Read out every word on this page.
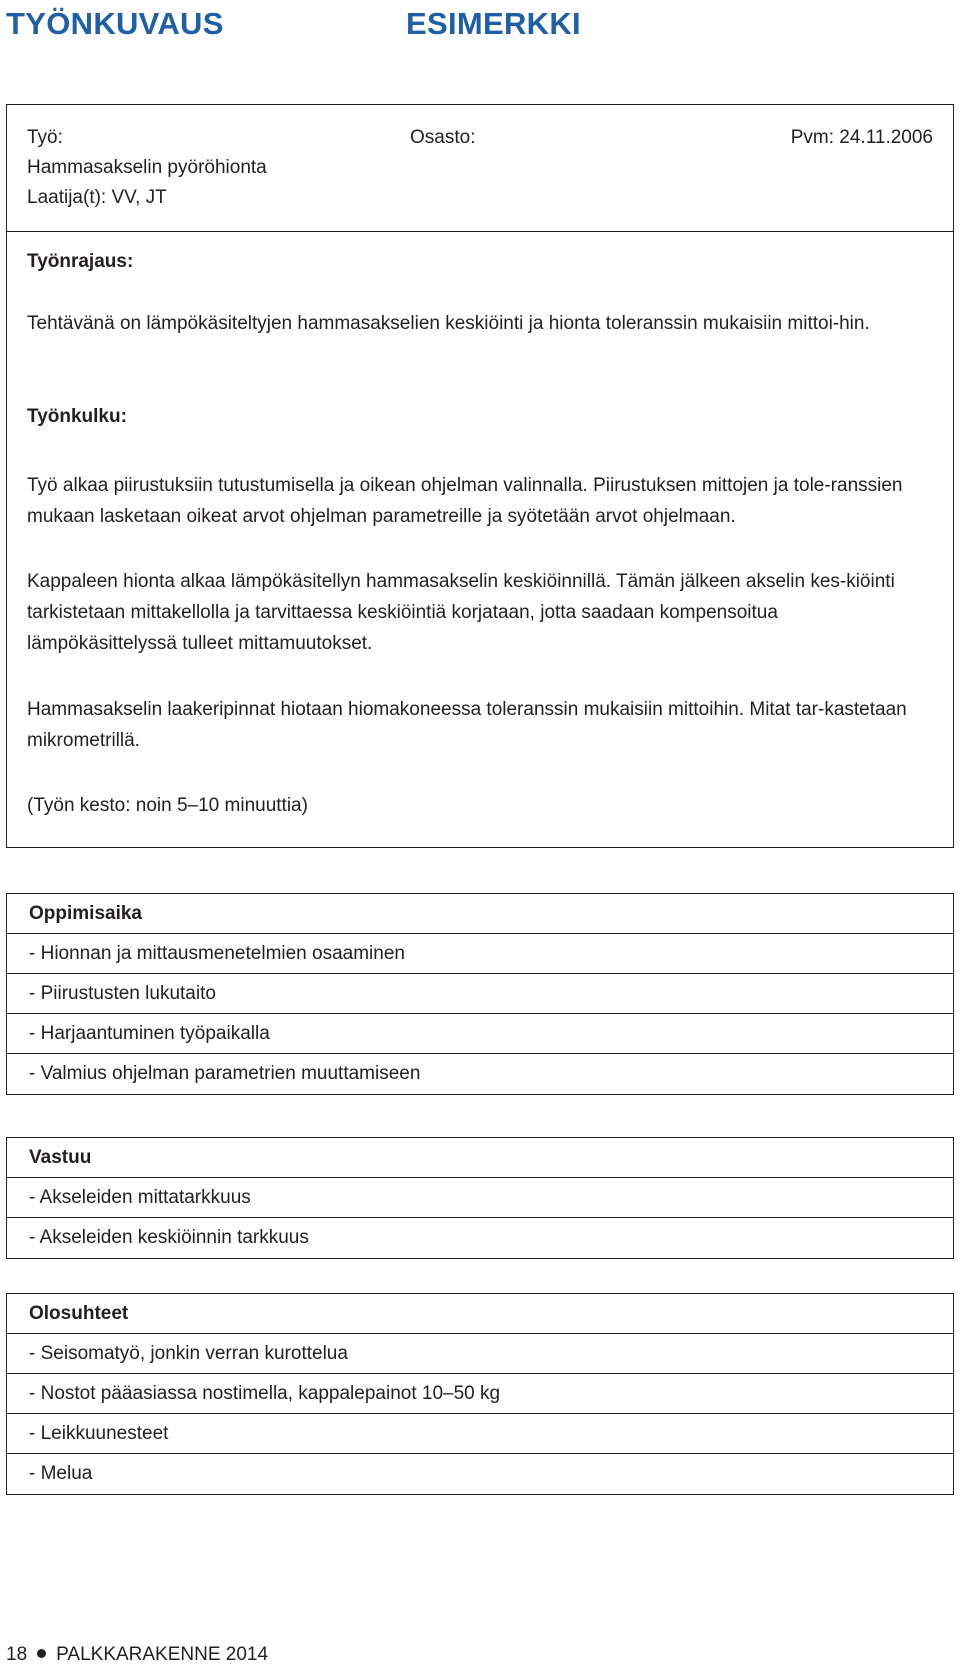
TYÖNKUVAUS	ESIMERKKI
Työ:	Osasto:	Pvm: 24.11.2006
Hammasakselin pyöröhionta
Laatija(t): VV, JT
Työnrajaus:
Tehtävänä on lämpökäsiteltyjen hammasakselien keskiöinti ja hionta toleranssin mukaisiin mittoi-hin.
Työnkulku:
Työ alkaa piirustuksiin tutustumisella ja oikean ohjelman valinnalla. Piirustuksen mittojen ja tole-ranssien mukaan lasketaan oikeat arvot ohjelman parametreille ja syötetään arvot ohjelmaan.
Kappaleen hionta alkaa lämpökäsitellyn hammasakselin keskiöinnillä. Tämän jälkeen akselin kes-kiöinti tarkistetaan mittakellolla ja tarvittaessa keskiöintiä korjataan, jotta saadaan kompensoitua lämpökäsittelyssä tulleet mittamuutokset.
Hammasakselin laakeripinnat hiotaan hiomakoneessa toleranssin mukaisiin mittoihin. Mitat tar-kastetaan mikrometrillä.
(Työn kesto: noin 5–10 minuuttia)
Oppimisaika
- Hionnan ja mittausmenetelmien osaaminen
- Piirustusten lukutaito
- Harjaantuminen työpaikalla
- Valmius ohjelman parametrien muuttamiseen
Vastuu
- Akseleiden mittatarkkuus
- Akseleiden keskiöinnin tarkkuus
Olosuhteet
- Seisomatyö, jonkin verran kurottelua
- Nostot pääasiassa nostimella, kappalepainot 10–50 kg
- Leikkuunesteet
- Melua
18 PALKKARAKENNE 2014
